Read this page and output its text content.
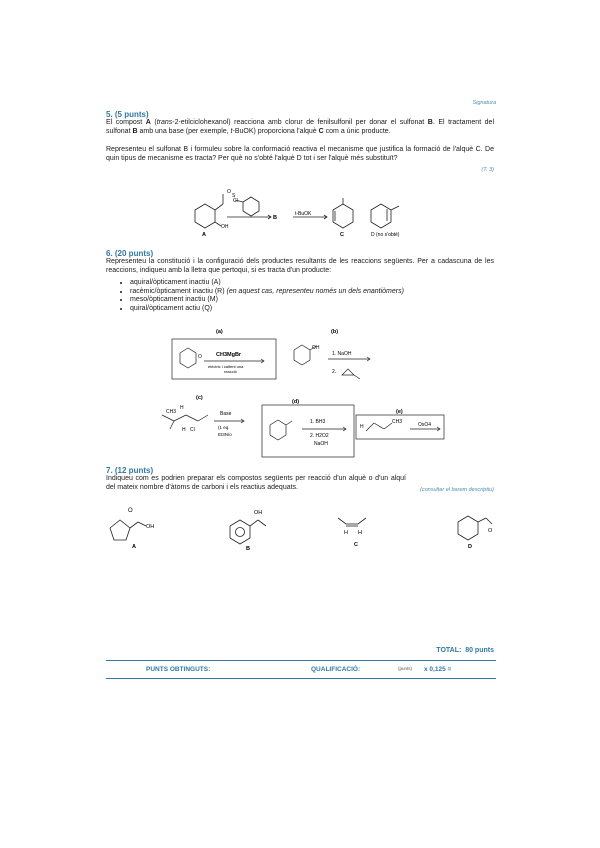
Signatura
5. (5 punts)
El compost A (trans-2-etilciclohexanol) reacciona amb clorur de fenilsulfonil per donar el sulfonat B. El tractament del sulfonat B amb una base (per exemple, t-BuOK) proporciona l'alquè C com a únic producte.
Representeu el sulfonat B i formuleu sobre la conformació reactiva el mecanisme que justifica la formació de l'alquè C. De quin tipus de mecanisme es tracta? Per què no s'obté l'alquè D tot i ser l'alquè més substituït?
(T. 3)
O
Cl
S
OH
B
t-BuOK
A	C	D (no s'obté)
6. (20 punts)
Representeu la constitució i la configuració dels productes resultants de les reaccions següents. Per a cadascuna de les reaccions, indiqueu amb la lletra que pertoqui, si es tracta d'un producte:
• aquiral/òpticament inactiu (A)
• racèmic/òpticament inactiu (R) (en aquest cas, representeu només un dels enantiòmers)
• meso/òpticament inactiu (M)
• quiral/òpticament actiu (Q)
(a)
O	CH3MgBr
elèctric i calfent una
reacció
(b)
OH
1. NaOH
2.
(c)
CH3
H
H Cl
Base
(1 eq.
Et3N/o
(d)
1. BH3
2. H2O2
NaOH
(e)
H
CH3	OsO4
7. (12 punts)
Indiqueu com es podrien preparar els compostos següents per reacció d'un alquè o d'un alquí del mateix nombre d'àtoms de carboni i els reactius adequats.	(consultar el barem descriptiu)
O
OH
OH
H H	O
A	B
C	D
TOTAL: 80 punts
PUNTS OBTINGUTS:	QUALIFICACIÓ:	(punts) x 0,125 =
